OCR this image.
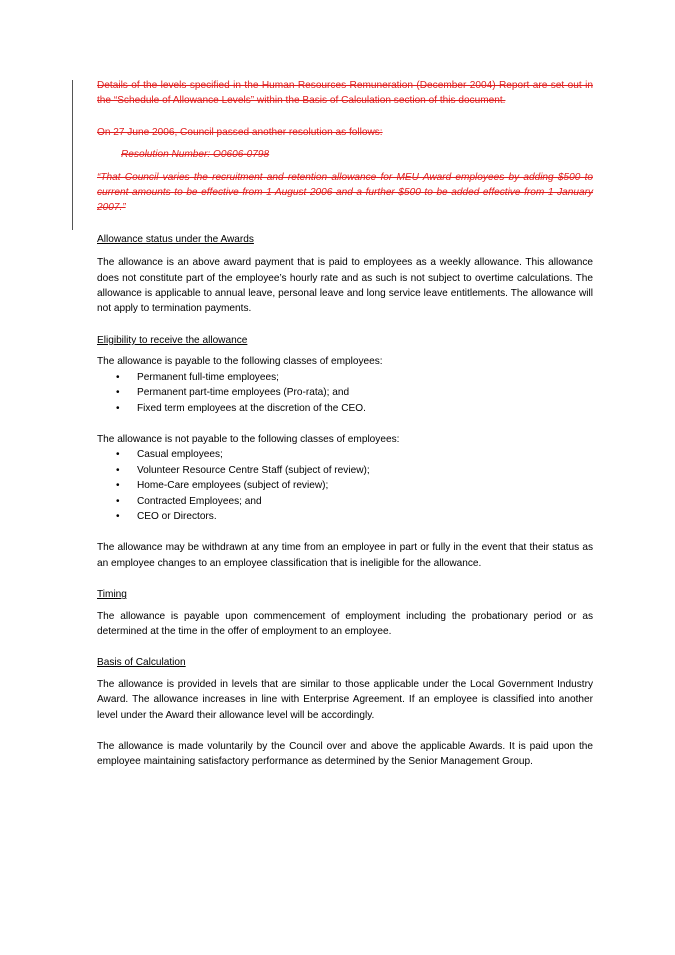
Details of the levels specified in the Human Resources Remuneration (December 2004) Report are set out in the “Schedule of Allowance Levels” within the Basis of Calculation section of this document.

On 27 June 2006, Council passed another resolution as follows:

Resolution Number: O0606-0798

“That Council varies the recruitment and retention allowance for MEU Award employees by adding $500 to current amounts to be effective from 1 August 2006 and a further $500 to be added effective from 1 January 2007.”

Allowance status under the Awards

The allowance is an above award payment that is paid to employees as a weekly allowance. This allowance does not constitute part of the employee’s hourly rate and as such is not subject to overtime calculations. The allowance is applicable to annual leave, personal leave and long service leave entitlements. The allowance will not apply to termination payments.

Eligibility to receive the allowance

The allowance is payable to the following classes of employees:

• Permanent full-time employees;
• Permanent part-time employees (Pro-rata); and
• Fixed term employees at the discretion of the CEO.

The allowance is not payable to the following classes of employees:

• Casual employees;
• Volunteer Resource Centre Staff (subject of review);
• Home-Care employees (subject of review);
• Contracted Employees; and
• CEO or Directors.

The allowance may be withdrawn at any time from an employee in part or fully in the event that their status as an employee changes to an employee classification that is ineligible for the allowance.

Timing

The allowance is payable upon commencement of employment including the probationary period or as determined at the time in the offer of employment to an employee.

Basis of Calculation

The allowance is provided in levels that are similar to those applicable under the Local Government Industry Award. The allowance increases in line with Enterprise Agreement. If an employee is classified into another level under the Award their allowance level will be accordingly.

The allowance is made voluntarily by the Council over and above the applicable Awards. It is paid upon the employee maintaining satisfactory performance as determined by the Senior Management Group.
